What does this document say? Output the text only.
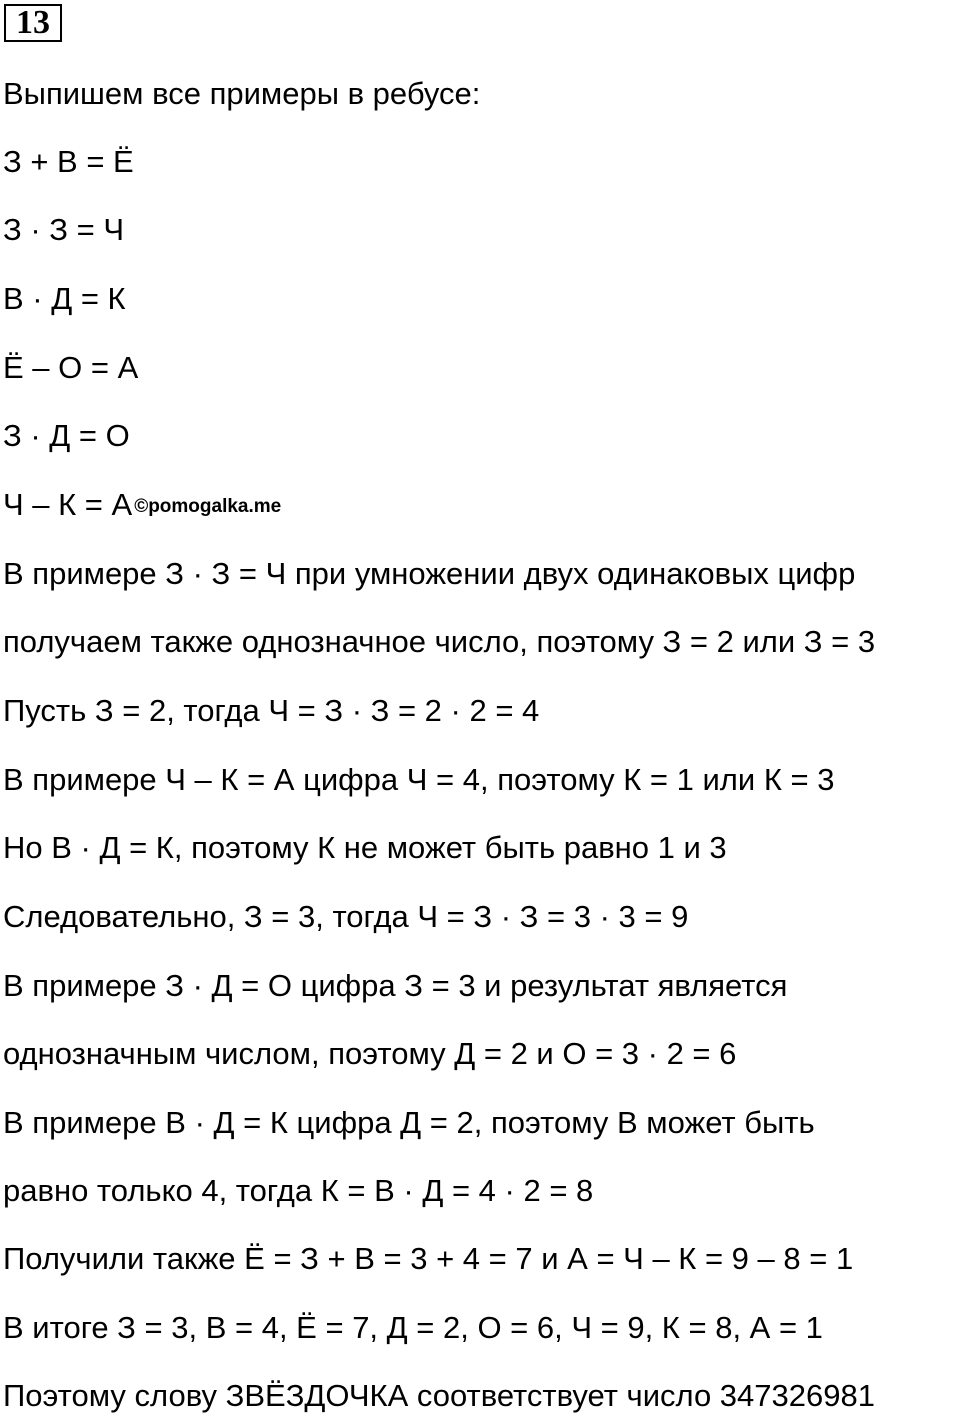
13
Выпишем все примеры в ребусе:
З + В = Ё
З · З = Ч
В · Д = К
Ё – О = А
З · Д = О
Ч – К = А ©pomogalka.me
В примере З · З = Ч при умножении двух одинаковых цифр
получаем также однозначное число, поэтому З = 2 или З = 3
Пусть З = 2, тогда Ч = З · З = 2 · 2 = 4
В примере Ч – К = А цифра Ч = 4, поэтому К = 1 или К = 3
Но В · Д = К, поэтому К не может быть равно 1 и 3
Следовательно, З = 3, тогда Ч = З · З = 3 · 3 = 9
В примере З · Д = О цифра З = 3 и результат является
однозначным числом, поэтому Д = 2 и О = 3 · 2 = 6
В примере В · Д = К цифра Д = 2, поэтому В может быть
равно только 4, тогда К = В · Д = 4 · 2 = 8
Получили также Ё = З + В = 3 + 4 = 7 и А = Ч – К = 9 – 8 = 1
В итоге З = 3, В = 4, Ё = 7, Д = 2, О = 6, Ч = 9, К = 8, А = 1
Поэтому слову ЗВЁЗДОЧКА соответствует число 347326981
